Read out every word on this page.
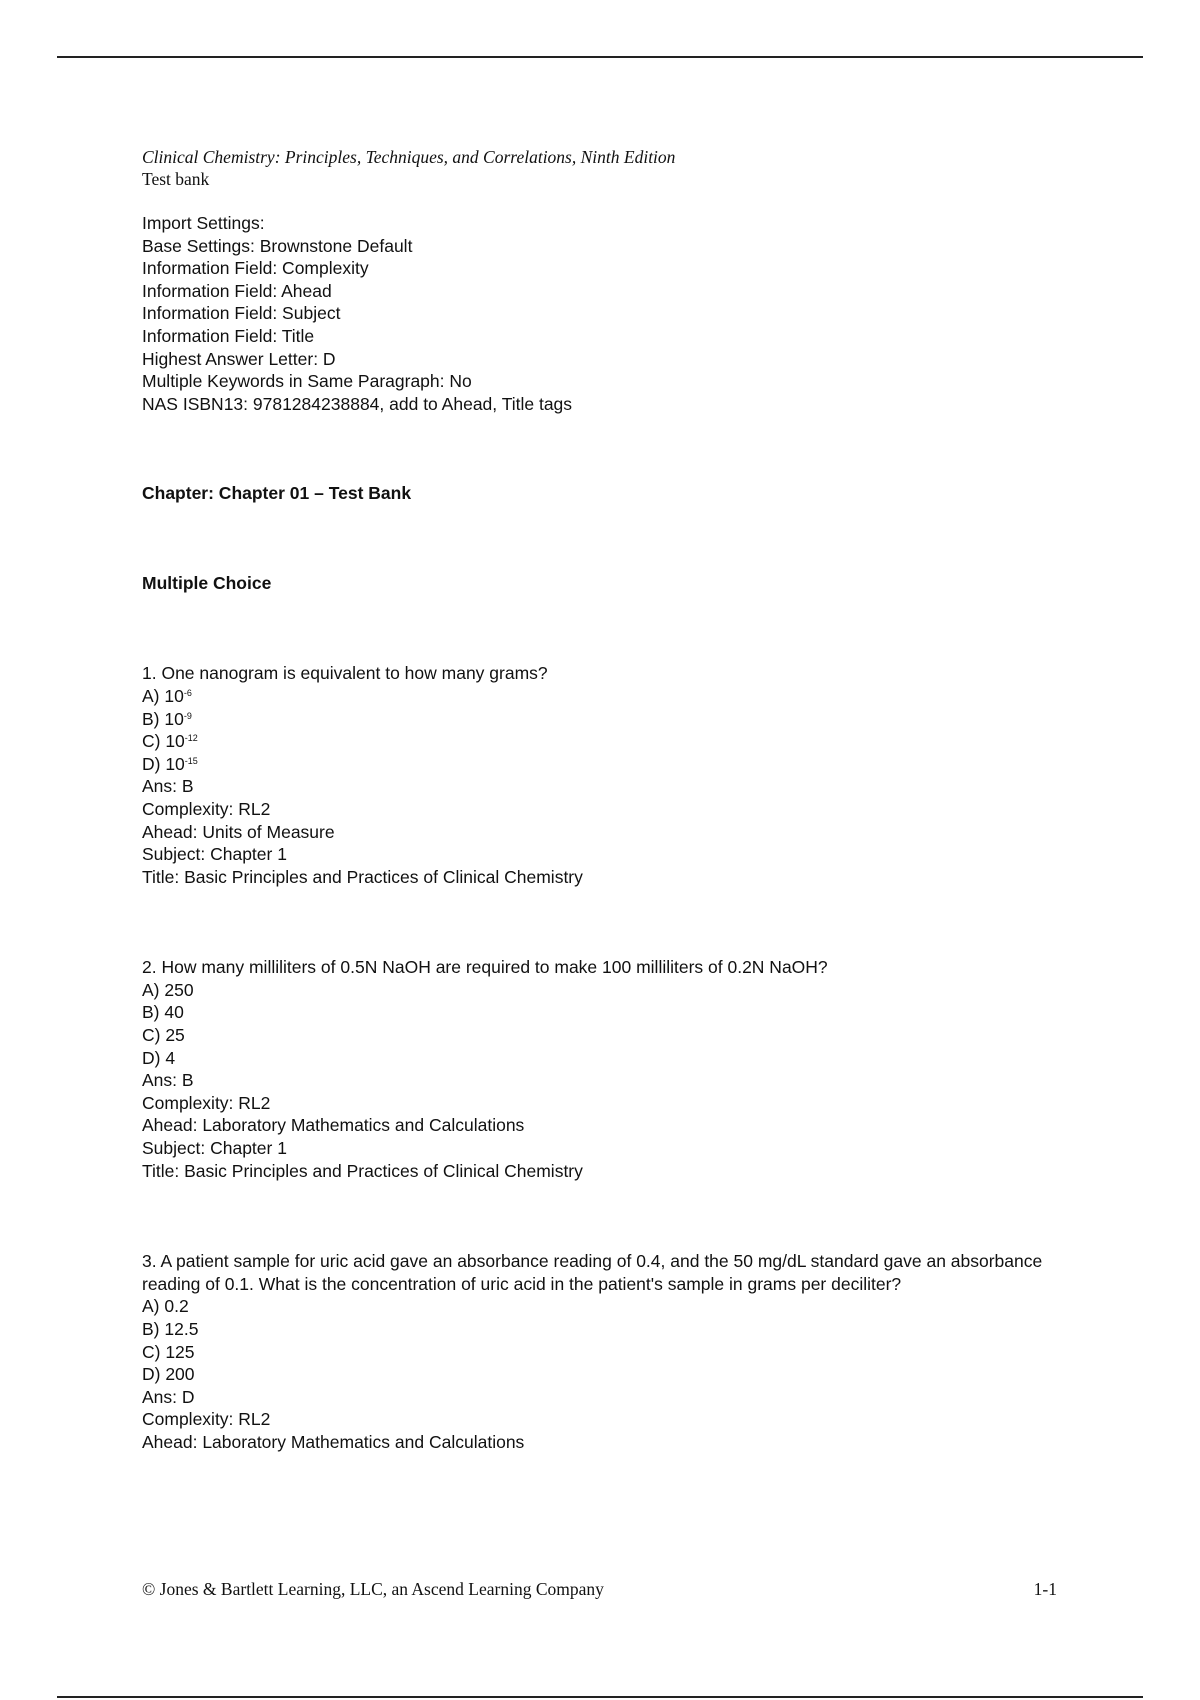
Clinical Chemistry: Principles, Techniques, and Correlations, Ninth Edition

Test bank

Import Settings:

Base Settings: Brownstone Default

Information Field: Complexity

Information Field: Ahead

Information Field: Subject

Information Field: Title

Highest Answer Letter: D

Multiple Keywords in Same Paragraph: No

NAS ISBN13: 9781284238884, add to Ahead, Title tags

Chapter: Chapter 01 – Test Bank

Multiple Choice

1. One nanogram is equivalent to how many grams?

A) $10^{-6}$

B) $10^{-9}$

C) $10^{-12}$

D) $10^{-15}$

Ans: B

Complexity: RL2

Ahead: Units of Measure

Subject: Chapter 1

Title: Basic Principles and Practices of Clinical Chemistry

2. How many milliliters of 0.5N NaOH are required to make 100 milliliters of 0.2N NaOH?

A) 250

B) 40

C) 25

D) 4

Ans: B

Complexity: RL2

Ahead: Laboratory Mathematics and Calculations

Subject: Chapter 1

Title: Basic Principles and Practices of Clinical Chemistry

3. A patient sample for uric acid gave an absorbance reading of 0.4, and the 50 mg/dL standard gave an absorbance reading of 0.1. What is the concentration of uric acid in the patient's sample in grams per deciliter?

A) 0.2

B) 12.5

C) 125

D) 200

Ans: D

Complexity: RL2

Ahead: Laboratory Mathematics and Calculations

© Jones & Bartlett Learning, LLC, an Ascend Learning Company	1-1
